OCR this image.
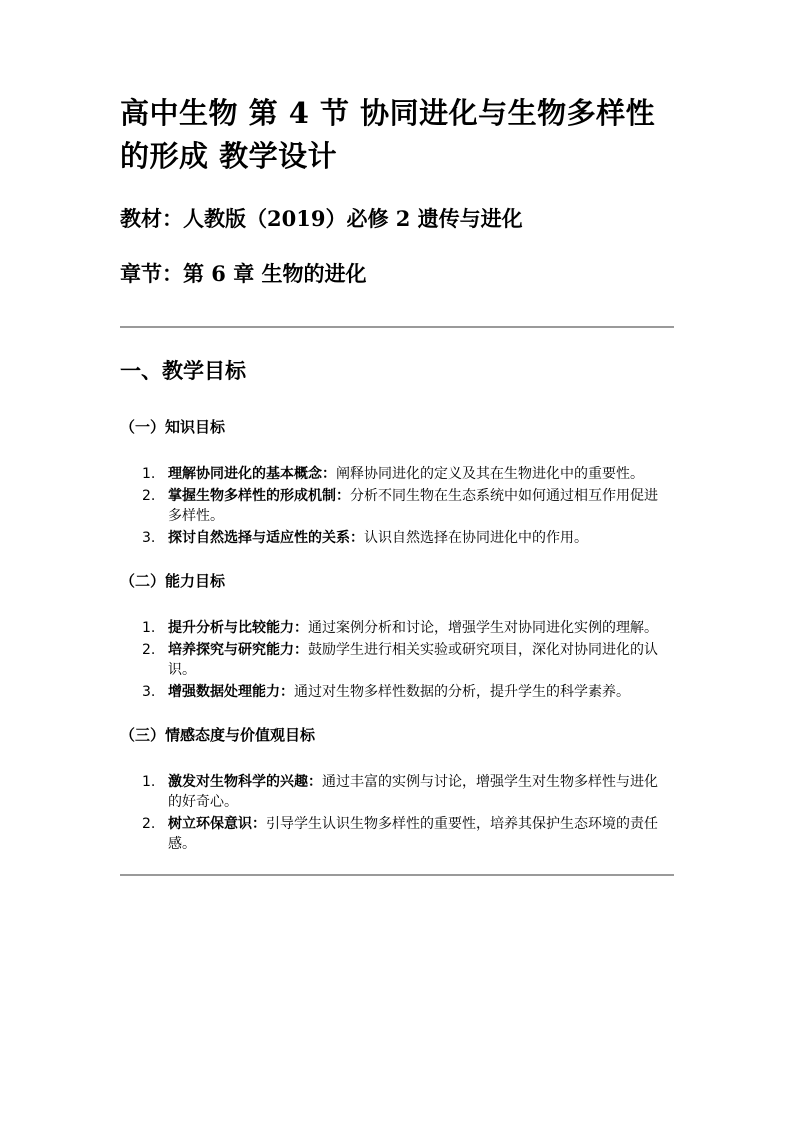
高中生物 第 4 节 协同进化与生物多样性的形成 教学设计

教材：人教版（2019）必修 2 遗传与进化

章节：第 6 章 生物的进化

一、教学目标
（一）知识目标
1. 理解协同进化的基本概念：阐释协同进化的定义及其在生物进化中的重要性。
2. 掌握生物多样性的形成机制：分析不同生物在生态系统中如何通过相互作用促进多样性。
3. 探讨自然选择与适应性的关系：认识自然选择在协同进化中的作用。
（二）能力目标
1. 提升分析与比较能力：通过案例分析和讨论，增强学生对协同进化实例的理解。
2. 培养探究与研究能力：鼓励学生进行相关实验或研究项目，深化对协同进化的认识。
3. 增强数据处理能力：通过对生物多样性数据的分析，提升学生的科学素养。
（三）情感态度与价值观目标
1. 激发对生物科学的兴趣：通过丰富的实例与讨论，增强学生对生物多样性与进化的好奇心。
2. 树立环保意识：引导学生认识生物多样性的重要性，培养其保护生态环境的责任感。
